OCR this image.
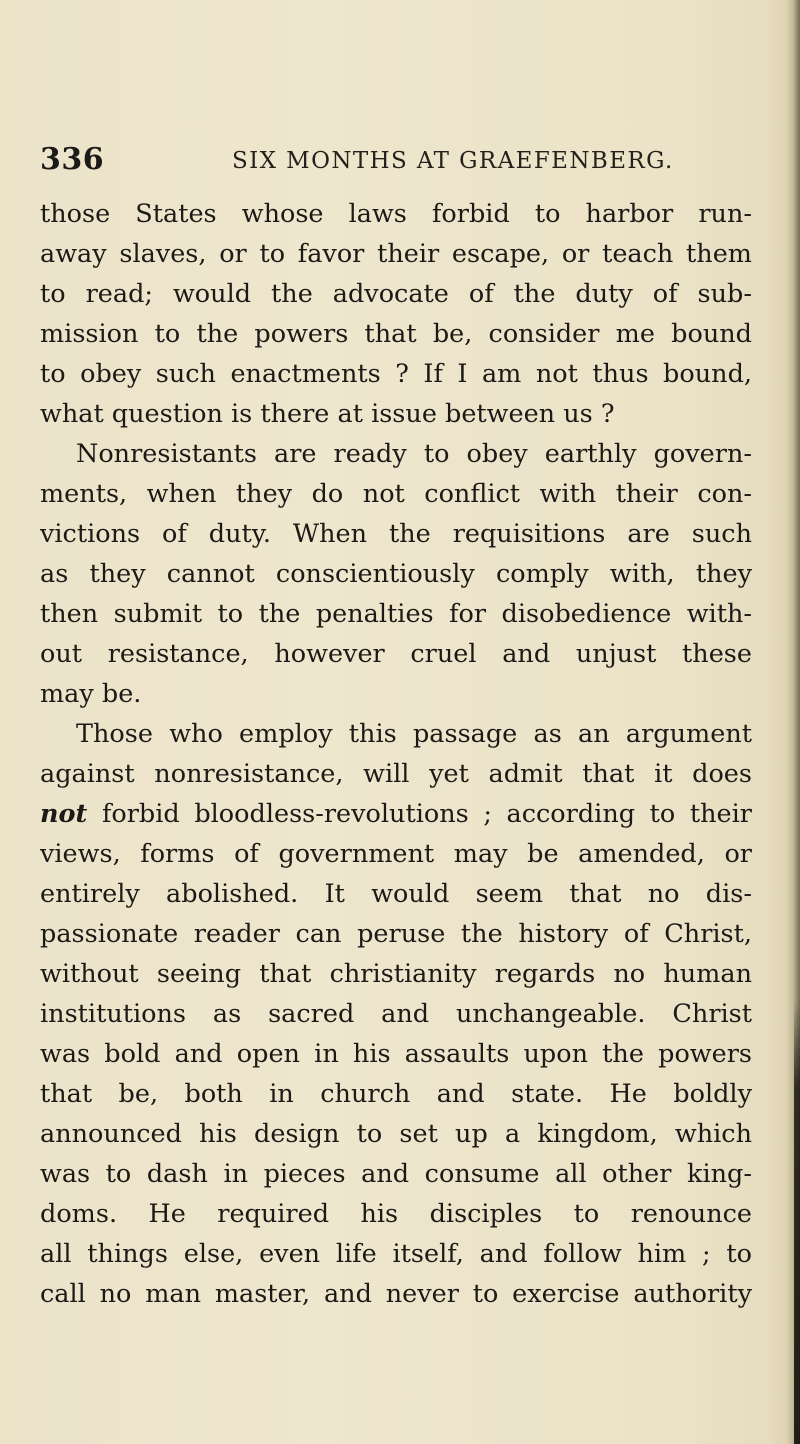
336	SIX MONTHS AT GRAEFENBERG.
those States whose laws forbid to harbor run-
away slaves, or to favor their escape, or teach them
to read; would the advocate of the duty of sub-
mission to the powers that be, consider me bound
to obey such enactments ? If I am not thus bound,
what question is there at issue between us ?
Nonresistants are ready to obey earthly govern-
ments, when they do not conflict with their con-
victions of duty. When the requisitions are such
as they cannot conscientiously comply with, they
then submit to the penalties for disobedience with-
out resistance, however cruel and unjust these
may be.
Those who employ this passage as an argument
against nonresistance, will yet admit that it does
not forbid bloodless-revolutions ; according to their
views, forms of government may be amended, or
entirely abolished. It would seem that no dis-
passionate reader can peruse the history of Christ,
without seeing that christianity regards no human
institutions as sacred and unchangeable. Christ
was bold and open in his assaults upon the powers
that be, both in church and state. He boldly
announced his design to set up a kingdom, which
was to dash in pieces and consume all other king-
doms. He required his disciples to renounce
all things else, even life itself, and follow him ; to
call no man master, and never to exercise authority
